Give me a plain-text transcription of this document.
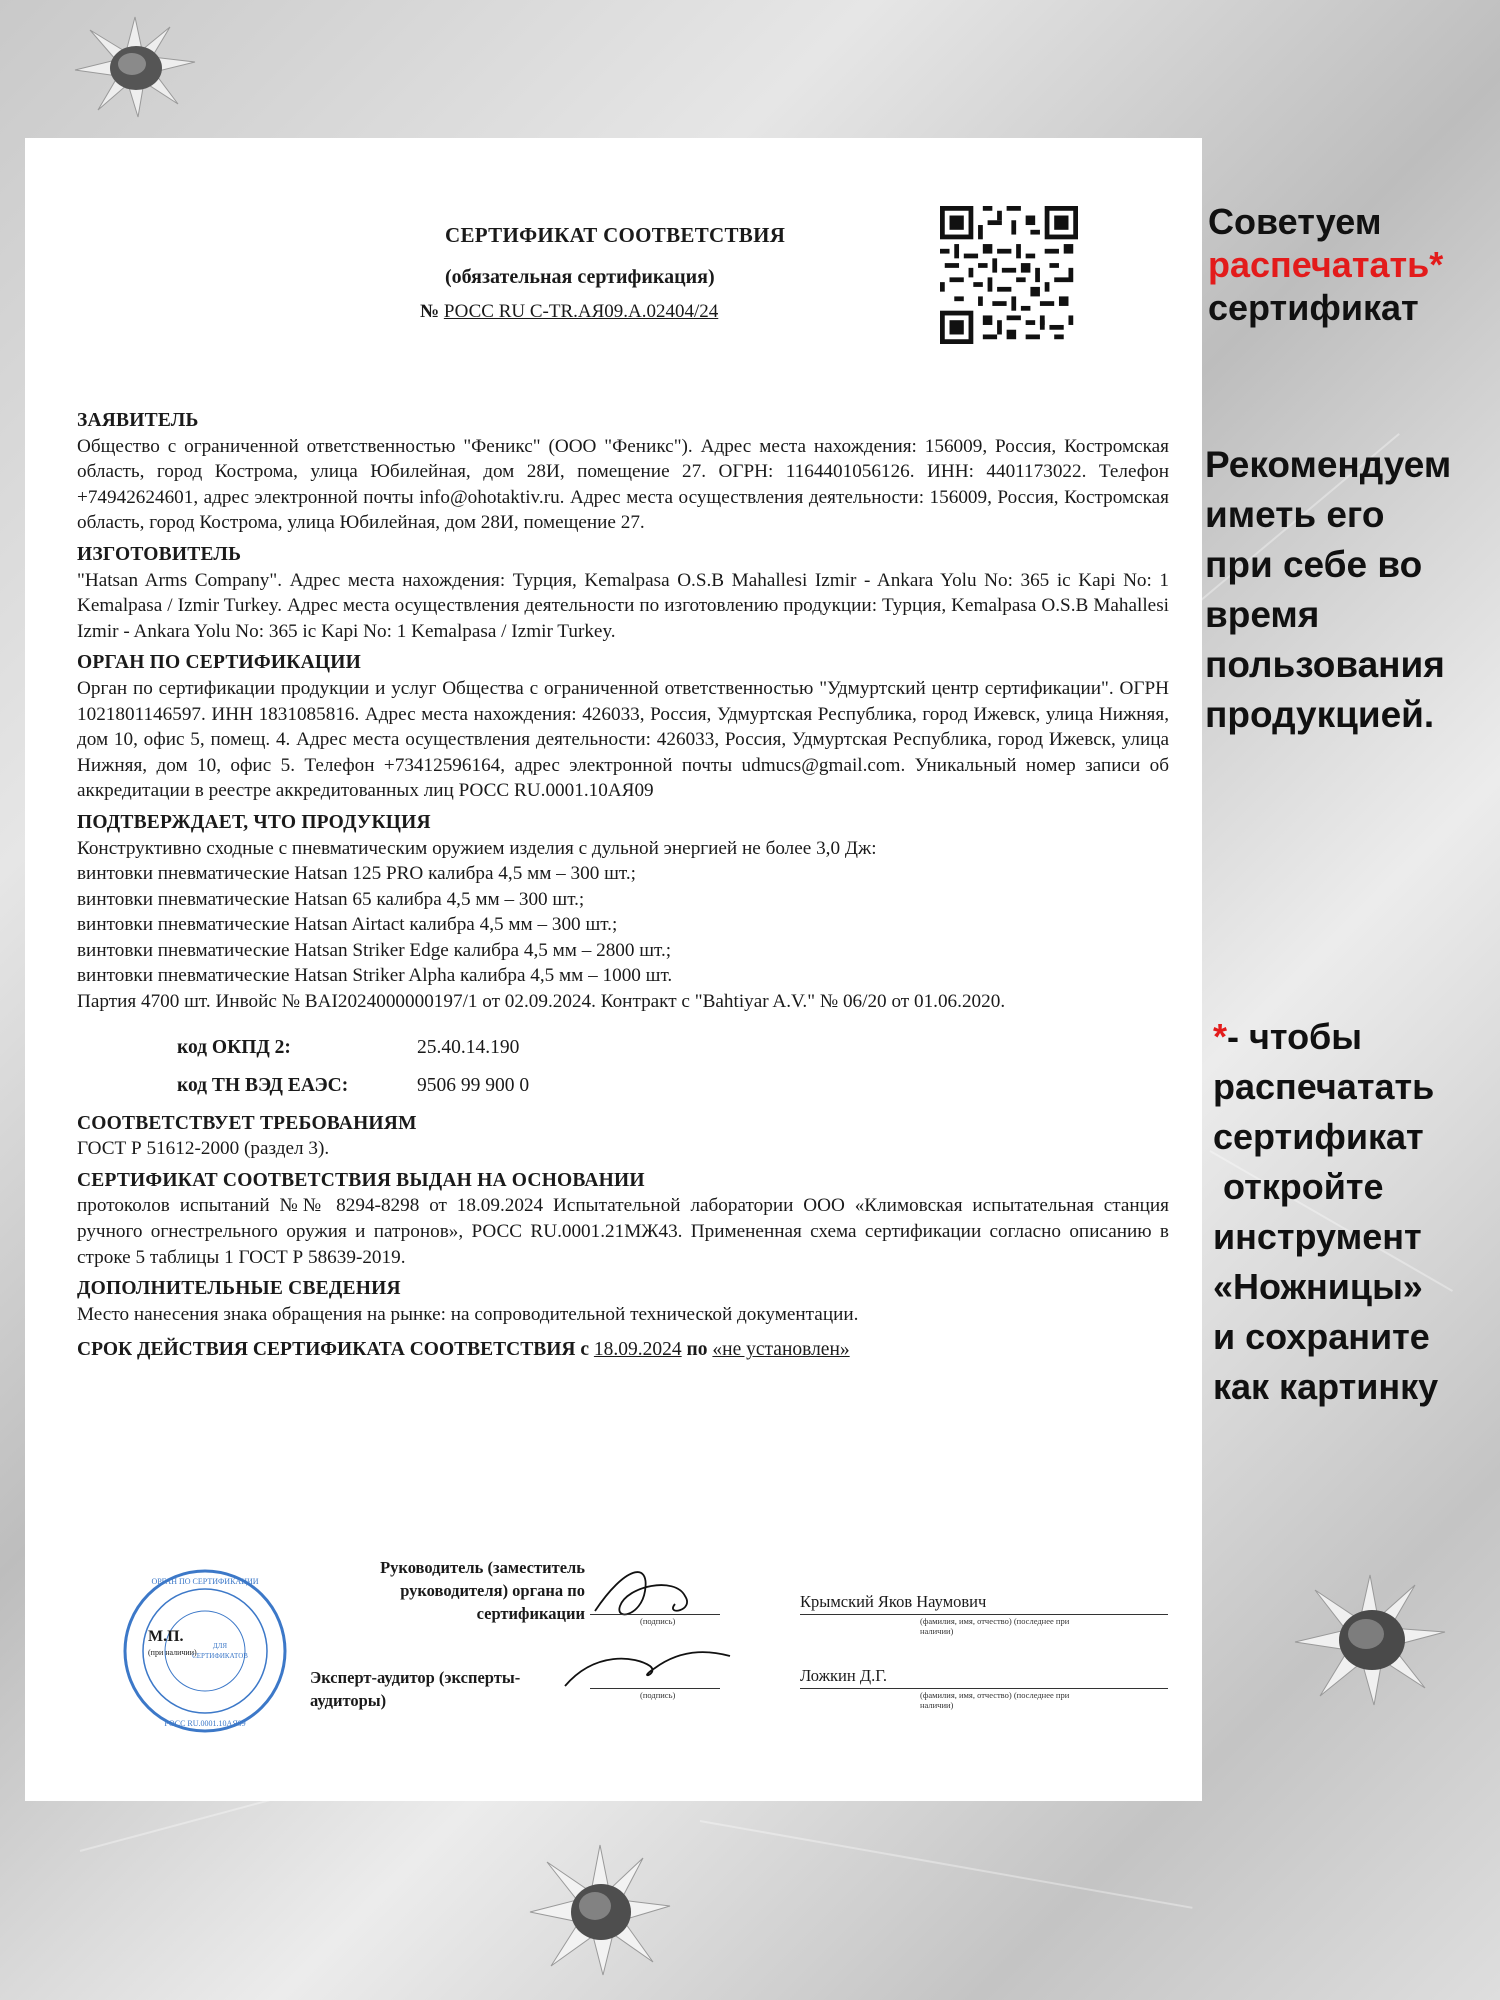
СЕРТИФИКАТ СООТВЕТСТВИЯ
(обязательная сертификация)
№ РОСС RU C-TR.АЯ09.А.02404/24
ЗАЯВИТЕЛЬ

Общество с ограниченной ответственностью "Феникс" (ООО "Феникс"). Адрес места нахождения: 156009, Россия, Костромская область, город Кострома, улица Юбилейная, дом 28И, помещение 27. ОГРН: 1164401056126. ИНН: 4401173022. Телефон +74942624601, адрес электронной почты info@ohotaktiv.ru. Адрес места осуществления деятельности: 156009, Россия, Костромская область, город Кострома, улица Юбилейная, дом 28И, помещение 27.

ИЗГОТОВИТЕЛЬ

"Hatsan Arms Company". Адрес места нахождения: Турция, Kemalpasa O.S.B Mahallesi Izmir - Ankara Yolu No: 365 ic Kapi No: 1 Kemalpasa / Izmir Turkey. Адрес места осуществления деятельности по изготовлению продукции: Турция, Kemalpasa O.S.B Mahallesi Izmir - Ankara Yolu No: 365 ic Kapi No: 1 Kemalpasa / Izmir Turkey.

ОРГАН ПО СЕРТИФИКАЦИИ

Орган по сертификации продукции и услуг Общества с ограниченной ответственностью "Удмуртский центр сертификации". ОГРН 1021801146597. ИНН 1831085816. Адрес места нахождения: 426033, Россия, Удмуртская Республика, город Ижевск, улица Нижняя, дом 10, офис 5, помещ. 4. Адрес места осуществления деятельности: 426033, Россия, Удмуртская Республика, город Ижевск, улица Нижняя, дом 10, офис 5. Телефон +73412596164, адрес электронной почты udmucs@gmail.com. Уникальный номер записи об аккредитации в реестре аккредитованных лиц РОСС RU.0001.10АЯ09

ПОДТВЕРЖДАЕТ, ЧТО ПРОДУКЦИЯ
Конструктивно сходные с пневматическим оружием изделия с дульной энергией не более 3,0 Дж:
винтовки пневматические Hatsan 125 PRO калибра 4,5 мм – 300 шт.;
винтовки пневматические Hatsan 65 калибра 4,5 мм – 300 шт.;
винтовки пневматические Hatsan Airtact калибра 4,5 мм – 300 шт.;
винтовки пневматические Hatsan Striker Edge калибра 4,5 мм – 2800 шт.;
винтовки пневматические Hatsan Striker Alpha калибра 4,5 мм – 1000 шт.

Партия 4700 шт. Инвойс № BAI2024000000197/1 от 02.09.2024. Контракт с "Bahtiyar A.V." № 06/20 от 01.06.2020.

код ОКПД 2:	25.40.14.190
код ТН ВЭД ЕАЭС:	9506 99 900 0
СООТВЕТСТВУЕТ ТРЕБОВАНИЯМ

ГОСТ Р 51612-2000 (раздел 3).

СЕРТИФИКАТ СООТВЕТСТВИЯ ВЫДАН НА ОСНОВАНИИ

протоколов испытаний №№ 8294-8298 от 18.09.2024 Испытательной лаборатории ООО «Климовская испытательная станция ручного огнестрельного оружия и патронов», РОСС RU.0001.21МЖ43. Примененная схема сертификации согласно описанию в строке 5 таблицы 1 ГОСТ Р 58639-2019.

ДОПОЛНИТЕЛЬНЫЕ СВЕДЕНИЯ

Место нанесения знака обращения на рынке: на сопроводительной технической документации.

СРОК ДЕЙСТВИЯ СЕРТИФИКАТА СООТВЕТСТВИЯ с 18.09.2024 по «не установлен»
ОРГАН ПО СЕРТИФИКАЦИИ
РОСС RU.0001.10АЯ09
ДЛЯ
СЕРТИФИКАТОВ
М.П.
(при наличии)
Руководитель (заместитель руководителя) органа по сертификации
Эксперт-аудитор (эксперты-аудиторы)
(подпись)
Крымский Яков Наумович
(фамилия, имя, отчество) (последнее при наличии)
(подпись)
Ложкин Д.Г.
(фамилия, имя, отчество) (последнее при наличии)
Советуем
распечатать*
сертификат
Рекомендуем
иметь его
при себе во
время
пользования
продукцией.
*- чтобы
распечатать
сертификат
откройте
инструмент
«Ножницы»
и сохраните
как картинку
